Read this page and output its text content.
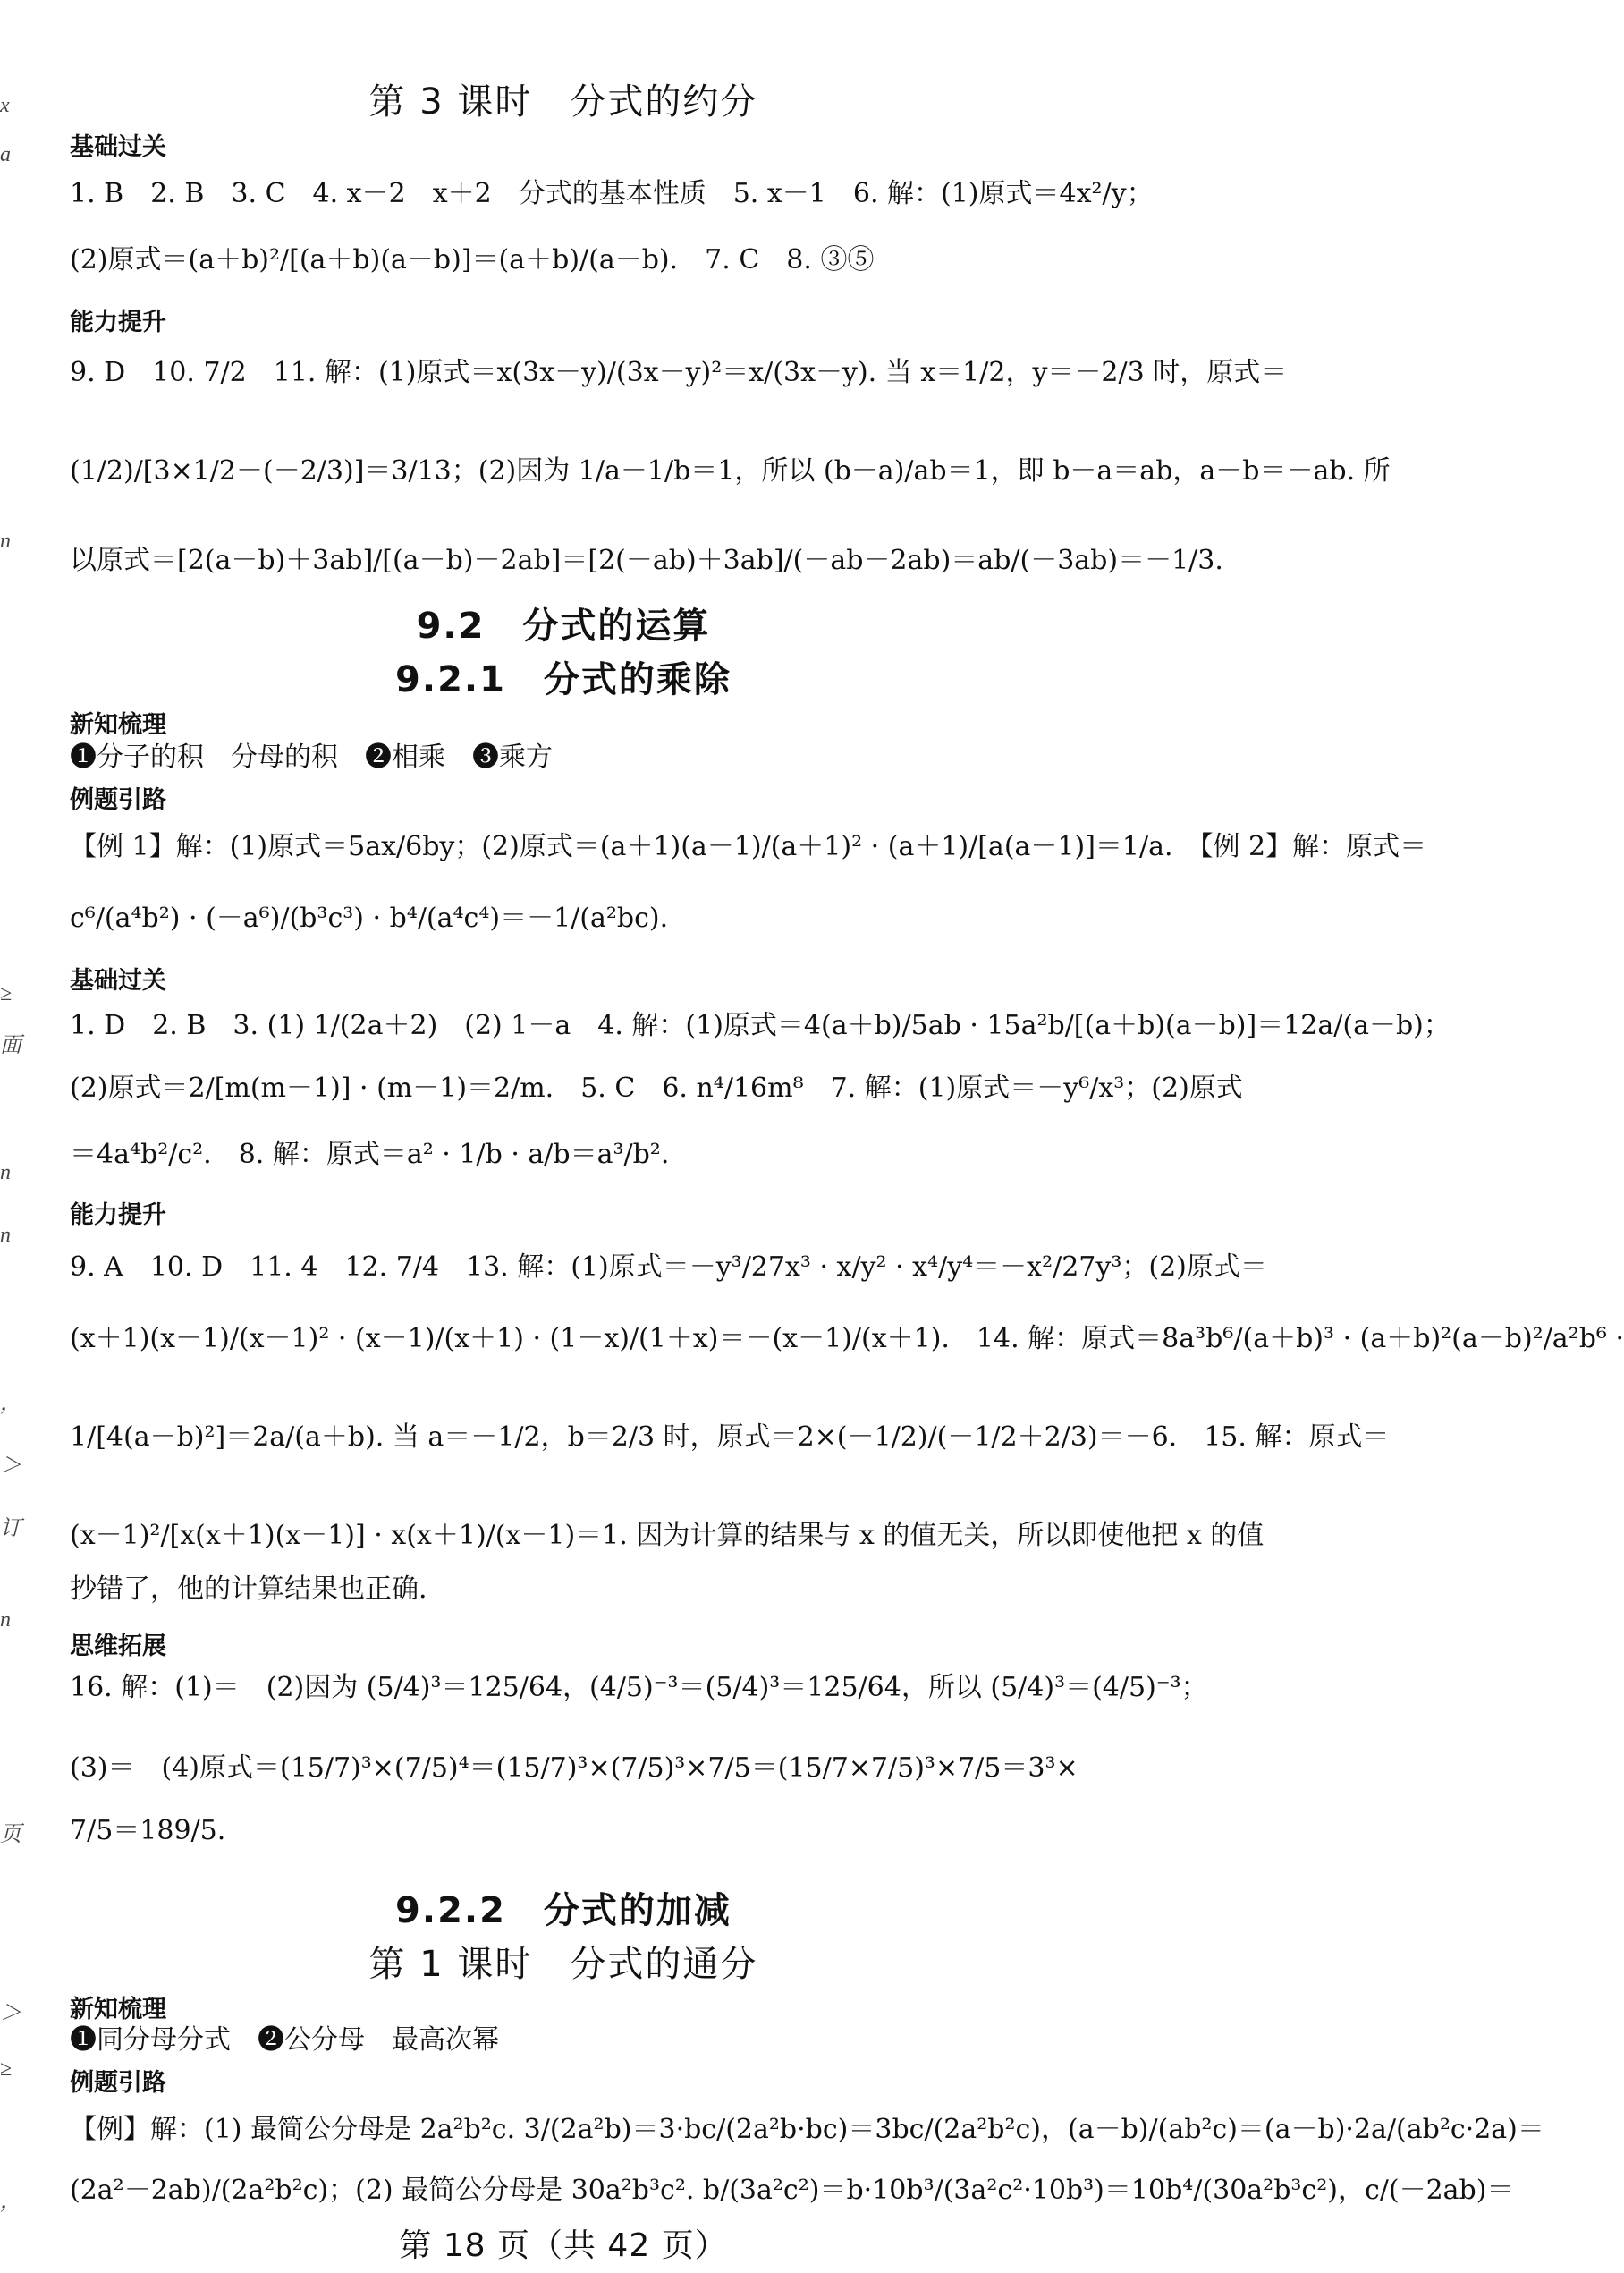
x
a
n
≥
面
n
n
，
＞
订
n
页
＞
≥
，
第 3 课时　分式的约分
基础过关
1. B　2. B　3. C　4. x－2　x＋2　分式的基本性质　5. x－1　6. 解：(1)原式＝4x²/y；
(2)原式＝(a＋b)²/[(a＋b)(a－b)]＝(a＋b)/(a－b).　7. C　8. ③⑤
能力提升
9. D　10. 7/2　11. 解：(1)原式＝x(3x－y)/(3x－y)²＝x/(3x－y). 当 x＝1/2，y＝－2/3 时，原式＝
(1/2)/[3×1/2－(－2/3)]＝3/13；(2)因为 1/a－1/b＝1，所以 (b－a)/ab＝1，即 b－a＝ab，a－b＝－ab. 所
以原式＝[2(a－b)＋3ab]/[(a－b)－2ab]＝[2(－ab)＋3ab]/(－ab－2ab)＝ab/(－3ab)＝－1/3.
9.2　分式的运算
9.2.1　分式的乘除
新知梳理
❶分子的积　分母的积　❷相乘　❸乘方
例题引路
【例 1】解：(1)原式＝5ax/6by；(2)原式＝(a＋1)(a－1)/(a＋1)² · (a＋1)/[a(a－1)]＝1/a.　【例 2】解：原式＝
c⁶/(a⁴b²) · (－a⁶)/(b³c³) · b⁴/(a⁴c⁴)＝－1/(a²bc).
基础过关
1. D　2. B　3. (1) 1/(2a＋2)　(2) 1－a　4. 解：(1)原式＝4(a＋b)/5ab · 15a²b/[(a＋b)(a－b)]＝12a/(a－b)；
(2)原式＝2/[m(m－1)] · (m－1)＝2/m.　5. C　6. n⁴/16m⁸　7. 解：(1)原式＝－y⁶/x³；(2)原式
＝4a⁴b²/c².　8. 解：原式＝a² · 1/b · a/b＝a³/b².
能力提升
9. A　10. D　11. 4　12. 7/4　13. 解：(1)原式＝－y³/27x³ · x/y² · x⁴/y⁴＝－x²/27y³；(2)原式＝
(x＋1)(x－1)/(x－1)² · (x－1)/(x＋1) · (1－x)/(1＋x)＝－(x－1)/(x＋1).　14. 解：原式＝8a³b⁶/(a＋b)³ · (a＋b)²(a－b)²/a²b⁶ ·
1/[4(a－b)²]＝2a/(a＋b). 当 a＝－1/2，b＝2/3 时，原式＝2×(－1/2)/(－1/2＋2/3)＝－6.　15. 解：原式＝
(x－1)²/[x(x＋1)(x－1)] · x(x＋1)/(x－1)＝1. 因为计算的结果与 x 的值无关，所以即使他把 x 的值
抄错了，他的计算结果也正确.
思维拓展
16. 解：(1)＝　(2)因为 (5/4)³＝125/64，(4/5)⁻³＝(5/4)³＝125/64，所以 (5/4)³＝(4/5)⁻³；
(3)＝　(4)原式＝(15/7)³×(7/5)⁴＝(15/7)³×(7/5)³×7/5＝(15/7×7/5)³×7/5＝3³×
7/5＝189/5.
9.2.2　分式的加减
第 1 课时　分式的通分
新知梳理
❶同分母分式　❷公分母　最高次幂
例题引路
【例】解：(1) 最简公分母是 2a²b²c. 3/(2a²b)＝3·bc/(2a²b·bc)＝3bc/(2a²b²c)，(a－b)/(ab²c)＝(a－b)·2a/(ab²c·2a)＝
(2a²－2ab)/(2a²b²c)；(2) 最简公分母是 30a²b³c². b/(3a²c²)＝b·10b³/(3a²c²·10b³)＝10b⁴/(30a²b³c²)，c/(－2ab)＝
第 18 页（共 42 页）
